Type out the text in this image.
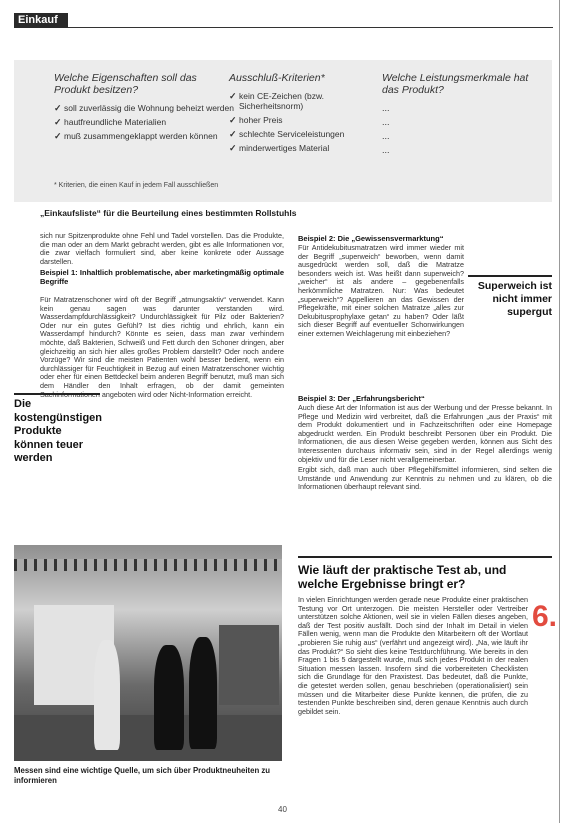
Einkauf
Welche Eigenschaften soll das Produkt besitzen?
✓ soll zuverlässig die Wohnung beheizt werden
✓ hautfreundliche Materialien
✓ muß zusammengeklappt werden können
Ausschluß-Kriterien*
✓ kein CE-Zeichen (bzw. Sicherheitsnorm)
✓ hoher Preis
✓ schlechte Serviceleistungen
✓ minderwertiges Material
Welche Leistungsmerkmale hat das Produkt?
...
...
...
...
* Kriterien, die einen Kauf in jedem Fall ausschließen
„Einkaufsliste“ für die Beurteilung eines bestimmten Rollstuhls

sich nur Spitzenprodukte ohne Fehl und Tadel vorstellen. Das die Produkte, die man oder an dem Markt gebracht werden, gibt es alle Informationen vor, die zwar vielfach formuliert sind, aber keine konkrete oder Aussage darstellen.

Beispiel 1: Inhaltlich problematische, aber marketingmäßig optimale Begriffe

Für Matratzenschoner wird oft der Begriff „atmungsaktiv“ verwendet. Kann kein genau sagen was darunter verstanden wird. Wasserdampfdurchlässigkeit? Undurchlässigkeit für Pilz oder Bakterien? Oder nur ein gutes Gefühl? Ist dies richtig und ehrlich, kann ein Wasserdampf hindurch? Könnte es seien, dass man zwar verhindern möchte, daß Bakterien, Schweiß und Fett durch den Schoner dringen, aber gleichzeitig an sich hier alles großes Problem darstellt? Oder noch andere Vorzüge? Wir sind die meisten Patienten wohl besser bedient, wenn ein durchlässiger für Feuchtigkeit in Bezug auf einen Matratzenschoner wichtig oder eher für einen Bettdeckel beim anderen Begriff benutzt, muß man sich dem Händler den Inhalt erfragen, ob der damit gemeinten Sachinformationen angeboten wird oder Nicht-Information erreicht.

Die kostengünstigen Produkte können teuer werden
Beispiel 2: Die „Gewissensvermarktung“

Für Antidekubitusmatratzen wird immer wieder mit der Begriff „superweich“ beworben, wenn damit ausgedrückt werden soll, daß die Matratze besonders weich ist. Was heißt dann superweich? „weicher“ ist als andere – gegebenenfalls herkömmliche Matratzen. Nur: Was bedeutet „superweich“? Appellieren an das Gewissen der Pflegekräfte, mit einer solchen Matratze „alles zur Dekubitusprophylaxe getan“ zu haben? Oder läßt sich dieser Begriff auf eventueller Schonwirkungen einer externen Weichlagerung mit einbeziehen?

Superweich ist nicht immer supergut
Beispiel 3: Der „Erfahrungsbericht“

Auch diese Art der Information ist aus der Werbung und der Presse bekannt. In Pflege und Medizin wird verbreitet, daß die Erfahrungen „aus der Praxis“ mit dem Produkt dokumentiert und in Fachzeitschriften oder eine Homepage abgedruckt werden. Ein Produkt beschreibt Personen über ein Produkt. Die Informationen, die aus diesen Weise gegeben werden, können aus Sicht des Interessenten durchaus informativ sein, sind in der Regel allerdings wenig objektiv und für die Leser nicht verallgemeinerbar.

Ergibt sich, daß man auch über Pflegehilfsmittel informieren, sind selten die Umstände und Anwendung zur Kenntnis zu nehmen und zu klären, ob die Informationen überhaupt relevant sind.

Messen sind eine wichtige Quelle, um sich über Produktneuheiten zu informieren
Wie läuft der praktische Test ab, und welche Ergebnisse bringt er?
6.

In vielen Einrichtungen werden gerade neue Produkte einer praktischen Testung vor Ort unterzogen. Die meisten Hersteller oder Vertreiber unterstützen solche Aktionen, weil sie in vielen Fällen dieses angeben, daß der Test positiv ausfällt. Doch sind der Inhalt im Detail in vielen Fällen wenig, wenn man die Produkte den Mitarbeitern oft der Wortlaut „probieren Sie ruhig aus“ (verfährt und angezeigt wird). „Na, wie läuft ihr das Produkt?“ So sieht dies keine Testdurchführung. Wie bereits in den Fragen 1 bis 5 dargestellt wurde, muß sich jedes Produkt in der realen Situation messen lassen. Insofern sind die vorbereiteten Checklisten sich die Grundlage für den Praxistest. Das bedeutet, daß die Punkte, die getestet werden sollen, genau beschrieben (operationalisiert) sein müssen und die Mitarbeiter diese Punkte kennen, die prüfen, die zu testenden Punkte beschreiben sind, deren genaue Kenntnis auch durch gebildet sein.

40
